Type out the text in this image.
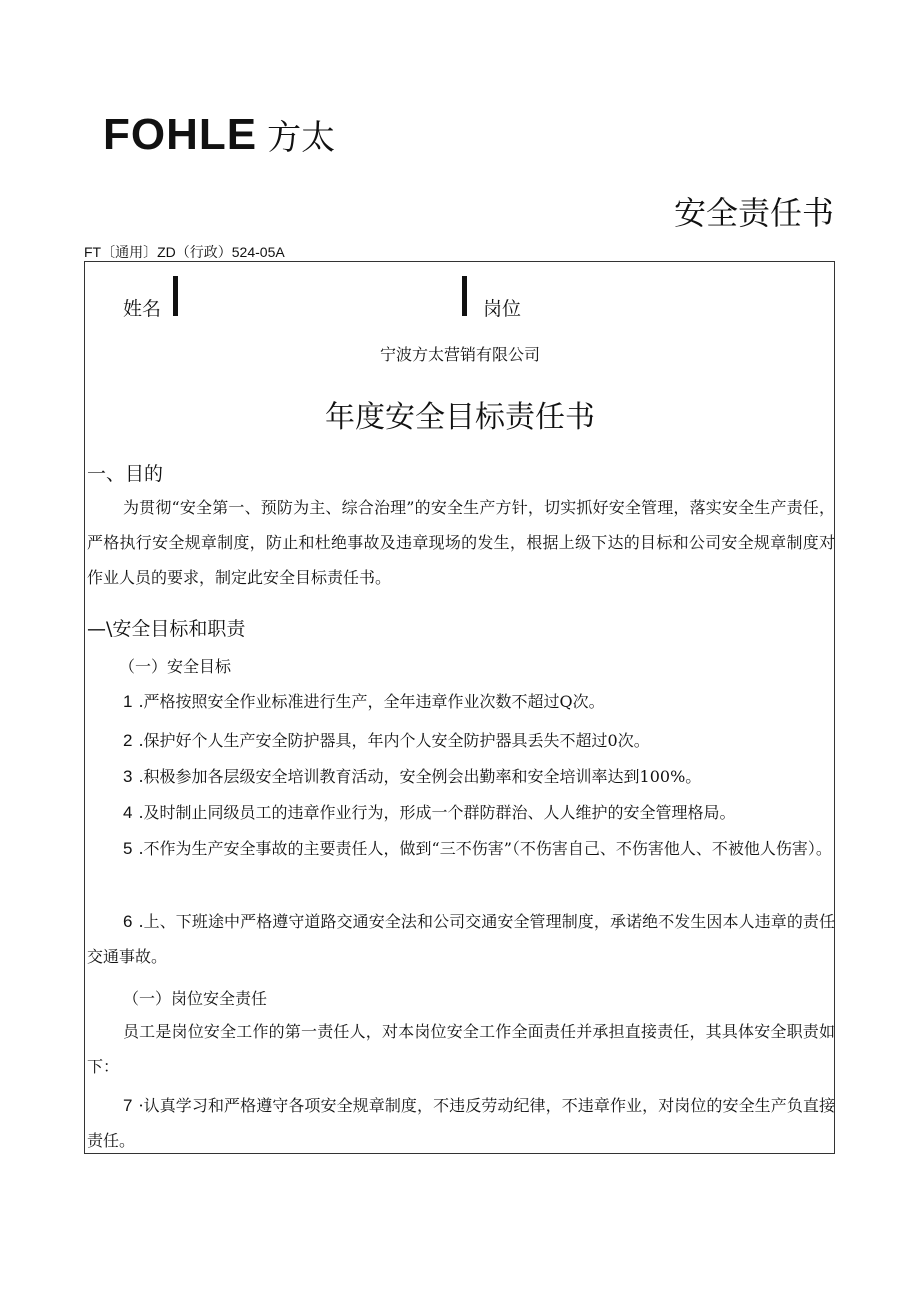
FOHLE 方太
安全责任书
FT〔通用〕ZD（行政）524-05A
姓名	岗位
宁波方太营销有限公司
年度安全目标责任书
一、目的

为贯彻“安全第一、预防为主、综合治理”的安全生产方针，切实抓好安全管理，落实安全生产责任，严格执行安全规章制度，防止和杜绝事故及违章现场的发生，根据上级下达的目标和公司安全规章制度对作业人员的要求，制定此安全目标责任书。

—\安全目标和职责
（一）安全目标
1 .严格按照安全作业标准进行生产，全年违章作业次数不超过Q次。
2 .保护好个人生产安全防护器具，年内个人安全防护器具丢失不超过0次。
3 .积极参加各层级安全培训教育活动，安全例会出勤率和安全培训率达到100%。
4 .及时制止同级员工的违章作业行为，形成一个群防群治、人人维护的安全管理格局。

5 .不作为生产安全事故的主要责任人，做到“三不伤害”（不伤害自己、不伤害他人、不被他人伤害）。

6 .上、下班途中严格遵守道路交通安全法和公司交通安全管理制度，承诺绝不发生因本人违章的责任交通事故。

（一）岗位安全责任

员工是岗位安全工作的第一责任人，对本岗位安全工作全面责任并承担直接责任，其具体安全职责如下：

7 ·认真学习和严格遵守各项安全规章制度，不违反劳动纪律，不违章作业，对岗位的安全生产负直接责任。
